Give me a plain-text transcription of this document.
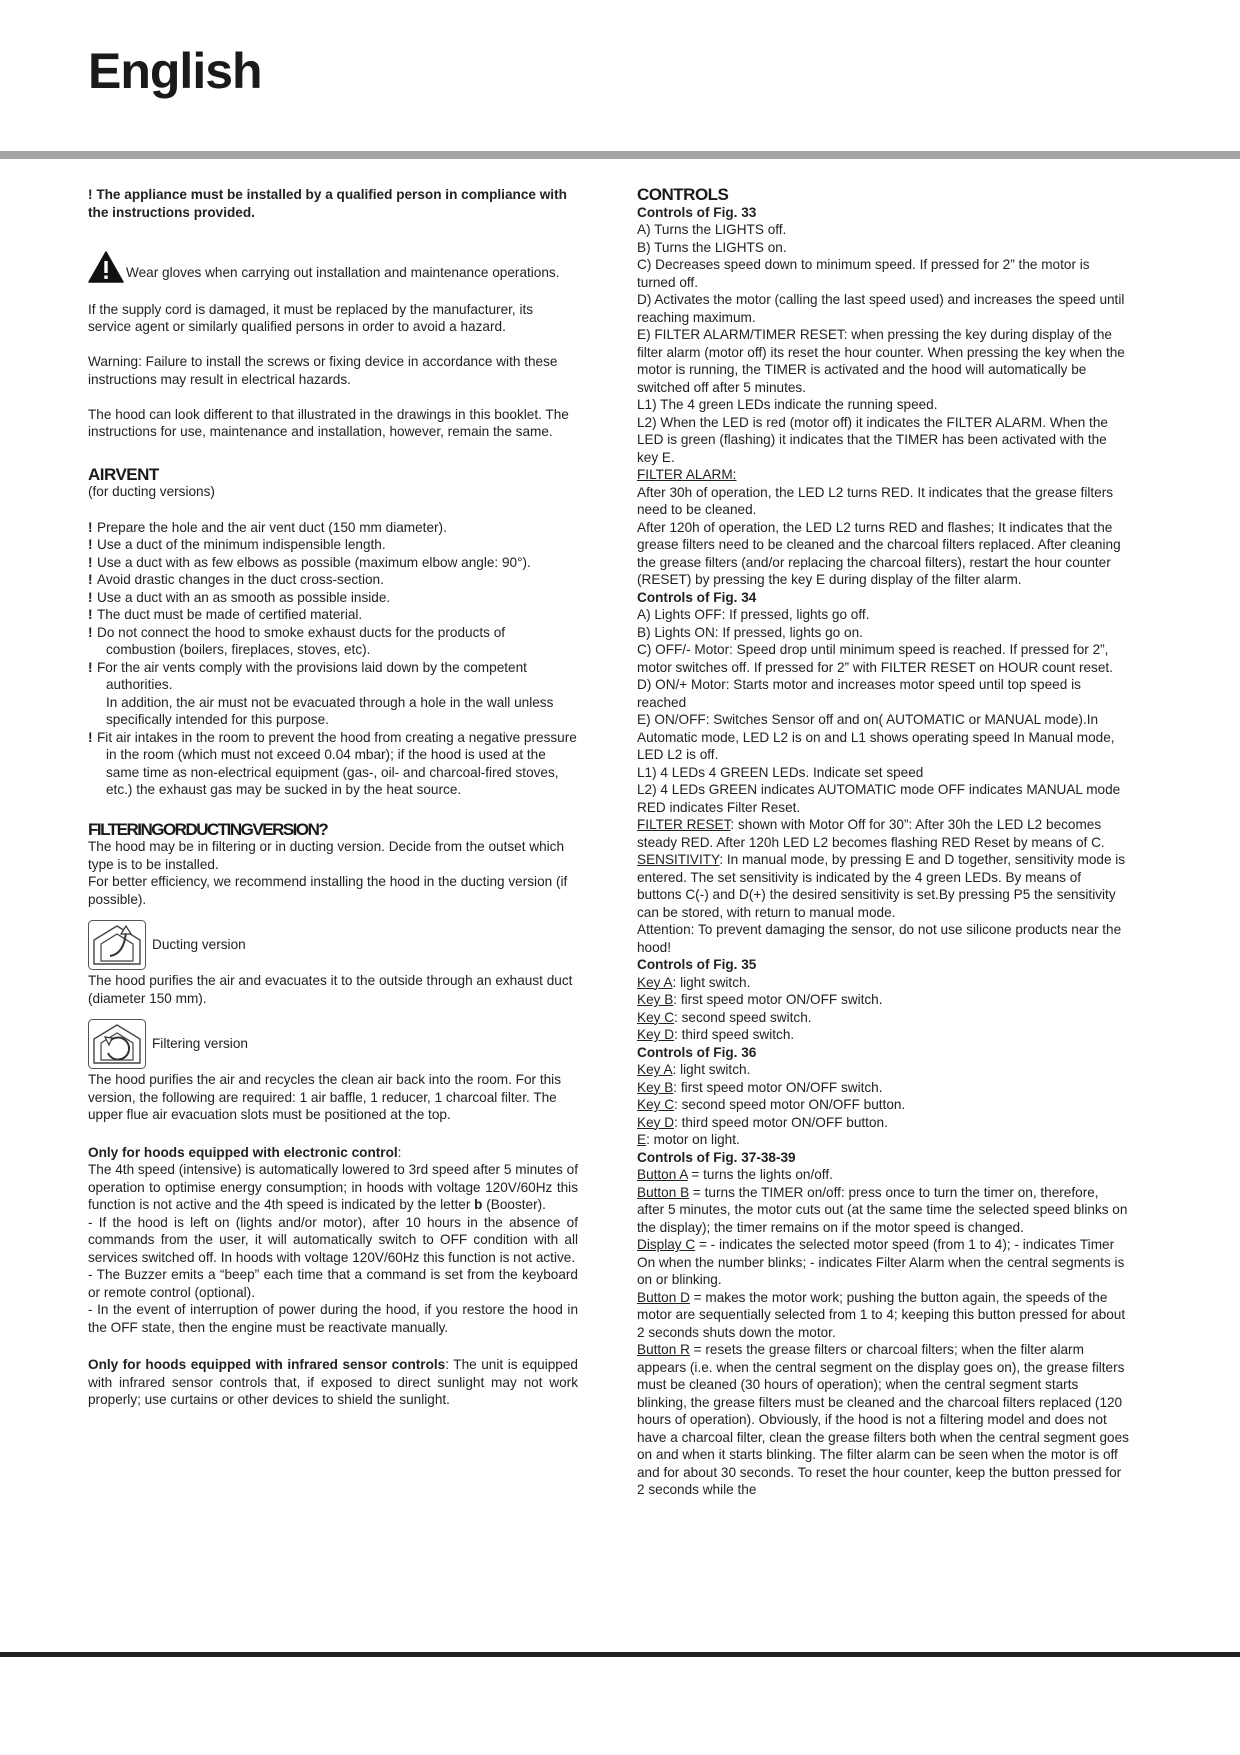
English

! The appliance must be installed by a qualified person in compliance with the instructions provided.

Wear gloves when carrying out installation and maintenance operations.

If the supply cord is damaged, it must be replaced by the manufacturer, its service agent or similarly qualified persons in order to avoid a hazard.

Warning: Failure to install the screws or fixing device in accordance with these instructions may result in electrical hazards.

The hood can look different to that illustrated in the drawings in this booklet. The instructions for use, maintenance and installation, however, remain the same.

AIRVENT

(for ducting versions)

! Prepare the hole and the air vent duct (150 mm diameter).

! Use a duct of the minimum indispensible length.

! Use a duct with as few elbows as possible (maximum elbow angle: 90°).

! Avoid drastic changes in the duct cross-section.

! Use a duct with an as smooth as possible inside.

! The duct must be made of certified material.

! Do not connect the hood to smoke exhaust ducts for the products of combustion (boilers, fireplaces, stoves, etc).

! For the air vents comply with the provisions laid down by the competent authorities.

In addition, the air must not be evacuated through a hole in the wall unless specifically intended for this purpose.

! Fit air intakes in the room to prevent the hood from creating a negative pressure in the room (which must not exceed 0.04 mbar); if the hood is used at the same time as non-electrical equipment (gas-, oil- and charcoal-fired stoves, etc.) the exhaust gas may be sucked in by the heat source.

FILTERINGORDUCTINGVERSION?

The hood may be in filtering or in ducting version. Decide from the outset which type is to be installed.

For better efficiency, we recommend installing the hood in the ducting version (if possible).

Ducting version

The hood purifies the air and evacuates it to the outside through an exhaust duct (diameter 150 mm).

Filtering version

The hood purifies the air and recycles the clean air back into the room. For this version, the following are required: 1 air baffle, 1 reducer, 1 charcoal filter. The upper flue air evacuation slots must be positioned at the top.

Only for hoods equipped with electronic control:

The 4th speed (intensive) is automatically lowered to 3rd speed after 5 minutes of operation to optimise energy consumption; in hoods with voltage 120V/60Hz this function is not active and the 4th speed is indicated by the letter b (Booster).

- If the hood is left on (lights and/or motor), after 10 hours in the absence of commands from the user, it will automatically switch to OFF condition with all services switched off. In hoods with voltage 120V/60Hz this function is not active.

- The Buzzer emits a “beep” each time that a command is set from the keyboard or remote control (optional).

- In the event of interruption of power during the hood, if you restore the hood in the OFF state, then the engine must be reactivate manually.

Only for hoods equipped with infrared sensor controls: The unit is equipped with infrared sensor controls that, if exposed to direct sunlight may not work properly; use curtains or other devices to shield the sunlight.

CONTROLS

Controls of Fig. 33

A) Turns the LIGHTS off.

B) Turns the LIGHTS on.

C) Decreases speed down to minimum speed. If pressed for 2” the motor is turned off.

D) Activates the motor (calling the last speed used) and increases the speed until reaching maximum.

E) FILTER ALARM/TIMER RESET: when pressing the key during display of the filter alarm (motor off) its reset the hour counter. When pressing the key when the motor is running, the TIMER is activated and the hood will automatically be switched off after 5 minutes.

L1) The 4 green LEDs indicate the running speed.

L2) When the LED is red (motor off) it indicates the FILTER ALARM. When the LED is green (flashing) it indicates that the TIMER has been activated with the key E.

FILTER ALARM:

After 30h of operation, the LED L2 turns RED. It indicates that the grease filters need to be cleaned.

After 120h of operation, the LED L2 turns RED and flashes; It indicates that the grease filters need to be cleaned and the charcoal filters replaced. After cleaning the grease filters (and/or replacing the charcoal filters), restart the hour counter (RESET) by pressing the key E during display of the filter alarm.

Controls of Fig. 34

A) Lights OFF: If pressed, lights go off.

B) Lights ON: If pressed, lights go on.

C) OFF/- Motor: Speed drop until minimum speed is reached. If pressed for 2”, motor switches off. If pressed for 2” with FILTER RESET on HOUR count reset.

D) ON/+ Motor: Starts motor and increases motor speed until top speed is reached

E) ON/OFF: Switches Sensor off and on( AUTOMATIC or MANUAL mode).In Automatic mode, LED L2 is on and L1 shows operating speed In Manual mode, LED L2 is off.

L1) 4 LEDs 4 GREEN LEDs. Indicate set speed

L2) 4 LEDs GREEN indicates AUTOMATIC mode OFF indicates MANUAL mode RED indicates Filter Reset.

FILTER RESET: shown with Motor Off for 30”: After 30h the LED L2 becomes steady RED. After 120h LED L2 becomes flashing RED Reset by means of C.

SENSITIVITY: In manual mode, by pressing E and D together, sensitivity mode is entered. The set sensitivity is indicated by the 4 green LEDs. By means of buttons C(-) and D(+) the desired sensitivity is set.By pressing P5 the sensitivity can be stored, with return to manual mode.

Attention: To prevent damaging the sensor, do not use silicone products near the hood!

Controls of Fig. 35

Key A: light switch.

Key B: first speed motor ON/OFF switch.

Key C: second speed switch.

Key D: third speed switch.

Controls of Fig. 36

Key A: light switch.

Key B: first speed motor ON/OFF switch.

Key C: second speed motor ON/OFF button.

Key D: third speed motor ON/OFF button.

E: motor on light.

Controls of Fig. 37-38-39

Button A = turns the lights on/off.

Button B = turns the TIMER on/off: press once to turn the timer on, therefore, after 5 minutes, the motor cuts out (at the same time the selected speed blinks on the display); the timer remains on if the motor speed is changed.

Display C = - indicates the selected motor speed (from 1 to 4); - indicates Timer On when the number blinks; - indicates Filter Alarm when the central segments is on or blinking.

Button D = makes the motor work; pushing the button again, the speeds of the motor are sequentially selected from 1 to 4; keeping this button pressed for about 2 seconds shuts down the motor.

Button R = resets the grease filters or charcoal filters; when the filter alarm appears (i.e. when the central segment on the display goes on), the grease filters must be cleaned (30 hours of operation); when the central segment starts blinking, the grease filters must be cleaned and the charcoal filters replaced (120 hours of operation). Obviously, if the hood is not a filtering model and does not have a charcoal filter, clean the grease filters both when the central segment goes on and when it starts blinking. The filter alarm can be seen when the motor is off and for about 30 seconds. To reset the hour counter, keep the button pressed for 2 seconds while the
